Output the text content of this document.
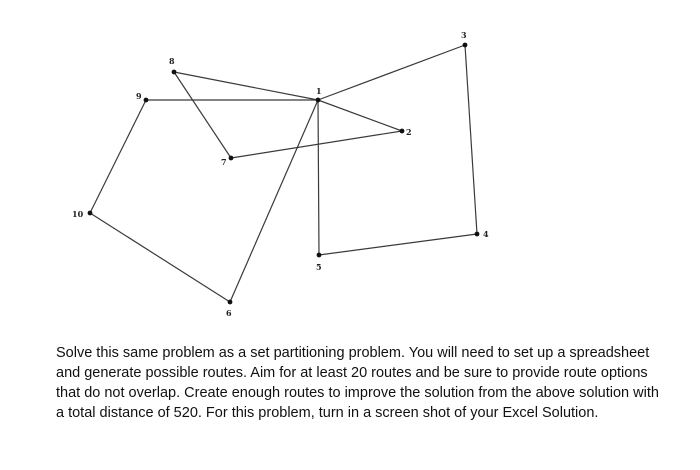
1
2
3
4
5
6
7
8
9
10
Solve this same problem as a set partitioning problem. You will need to set up a spreadsheet
and generate possible routes. Aim for at least 20 routes and be sure to provide route options
that do not overlap. Create enough routes to improve the solution from the above solution with
a total distance of 520. For this problem, turn in a screen shot of your Excel Solution.
